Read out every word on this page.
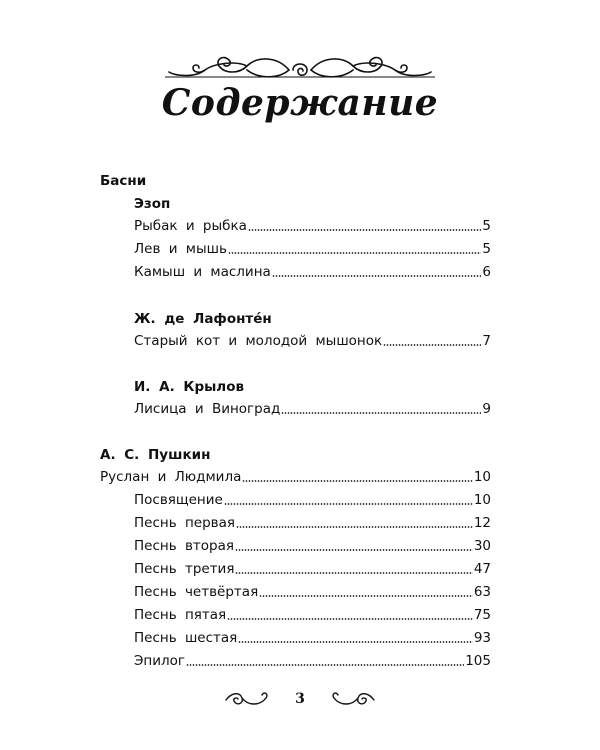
Содержание
Басни
Эзоп
Рыбак и рыбка	5
Лев и мышь	5
Камыш и маслина	6
Ж. де Лафонте́н
Старый кот и молодой мышонок	7
И. А. Крылов
Лисица и Виноград	9
А. С. Пушкин
Руслан и Людмила	10
Посвящение	10
Песнь первая	12
Песнь вторая	30
Песнь третия	47
Песнь четвёртая	63
Песнь пятая	75
Песнь шестая	93
Эпилог	105
3
